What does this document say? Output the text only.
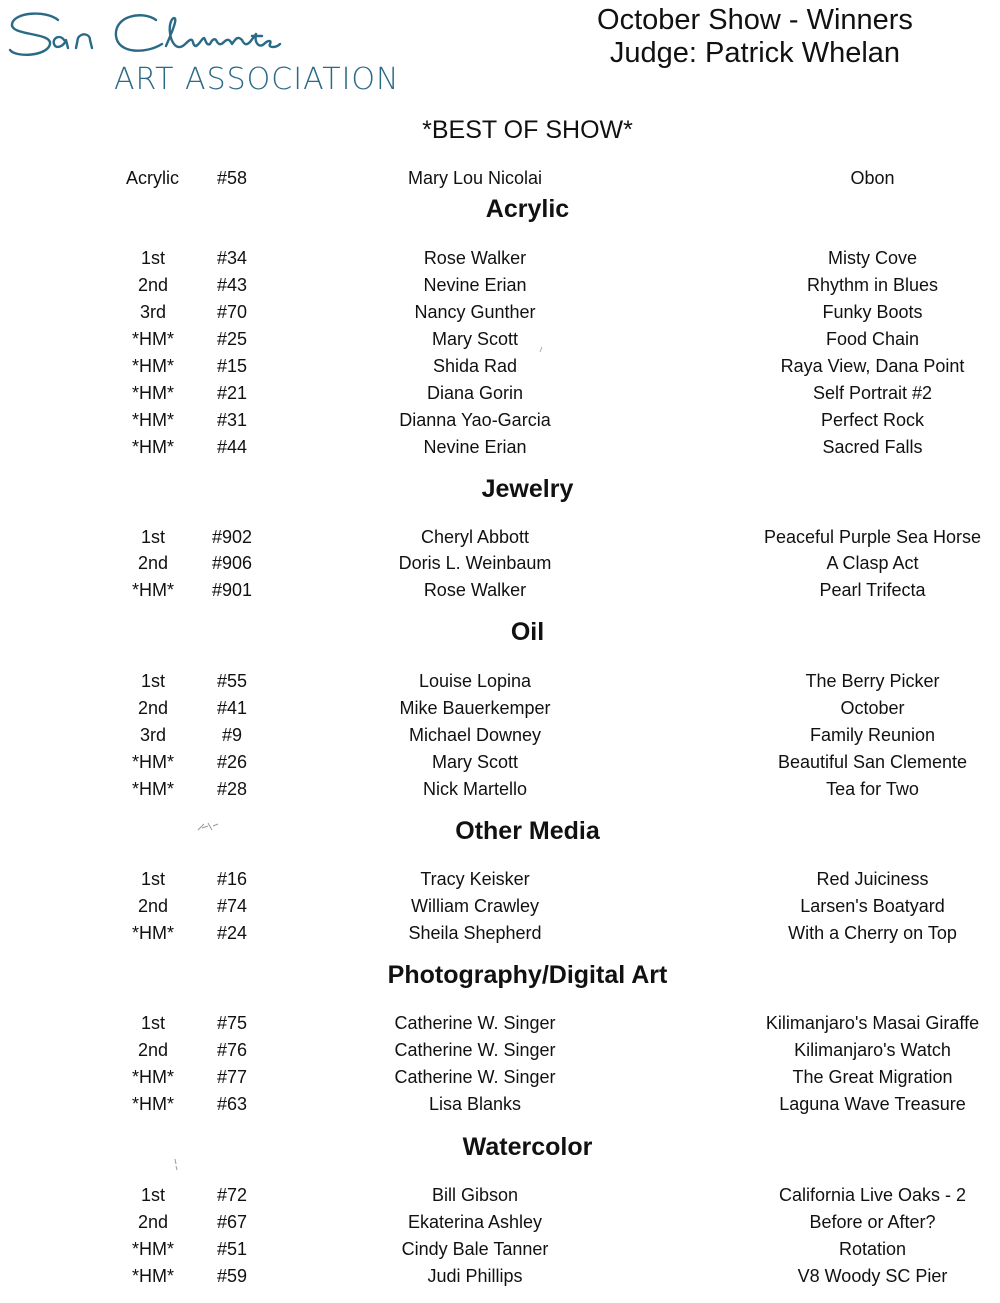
ART ASSOCIATION
October Show - Winners
Judge: Patrick Whelan
*BEST OF SHOW*
Acrylic	#58	Mary Lou Nicolai	Obon
Acrylic
1st	#34	Rose Walker	Misty Cove
2nd	#43	Nevine Erian	Rhythm in Blues
3rd	#70	Nancy Gunther	Funky Boots
*HM*	#25	Mary Scott	Food Chain
*HM*	#15	Shida Rad	Raya View, Dana Point
*HM*	#21	Diana Gorin	Self Portrait #2
*HM*	#31	Dianna Yao-Garcia	Perfect Rock
*HM*	#44	Nevine Erian	Sacred Falls
Jewelry
1st	#902	Cheryl Abbott	Peaceful Purple Sea Horse
2nd	#906	Doris L. Weinbaum	A Clasp Act
*HM*	#901	Rose Walker	Pearl Trifecta
Oil
1st	#55	Louise Lopina	The Berry Picker
2nd	#41	Mike Bauerkemper	October
3rd	#9	Michael Downey	Family Reunion
*HM*	#26	Mary Scott	Beautiful San Clemente
*HM*	#28	Nick Martello	Tea for Two
Other Media
1st	#16	Tracy Keisker	Red Juiciness
2nd	#74	William Crawley	Larsen's Boatyard
*HM*	#24	Sheila Shepherd	With a Cherry on Top
Photography/Digital Art
1st	#75	Catherine W. Singer	Kilimanjaro's Masai Giraffe
2nd	#76	Catherine W. Singer	Kilimanjaro's Watch
*HM*	#77	Catherine W. Singer	The Great Migration
*HM*	#63	Lisa Blanks	Laguna Wave Treasure
Watercolor
1st	#72	Bill Gibson	California Live Oaks - 2
2nd	#67	Ekaterina Ashley	Before or After?
*HM*	#51	Cindy Bale Tanner	Rotation
*HM*	#59	Judi Phillips	V8 Woody SC Pier
